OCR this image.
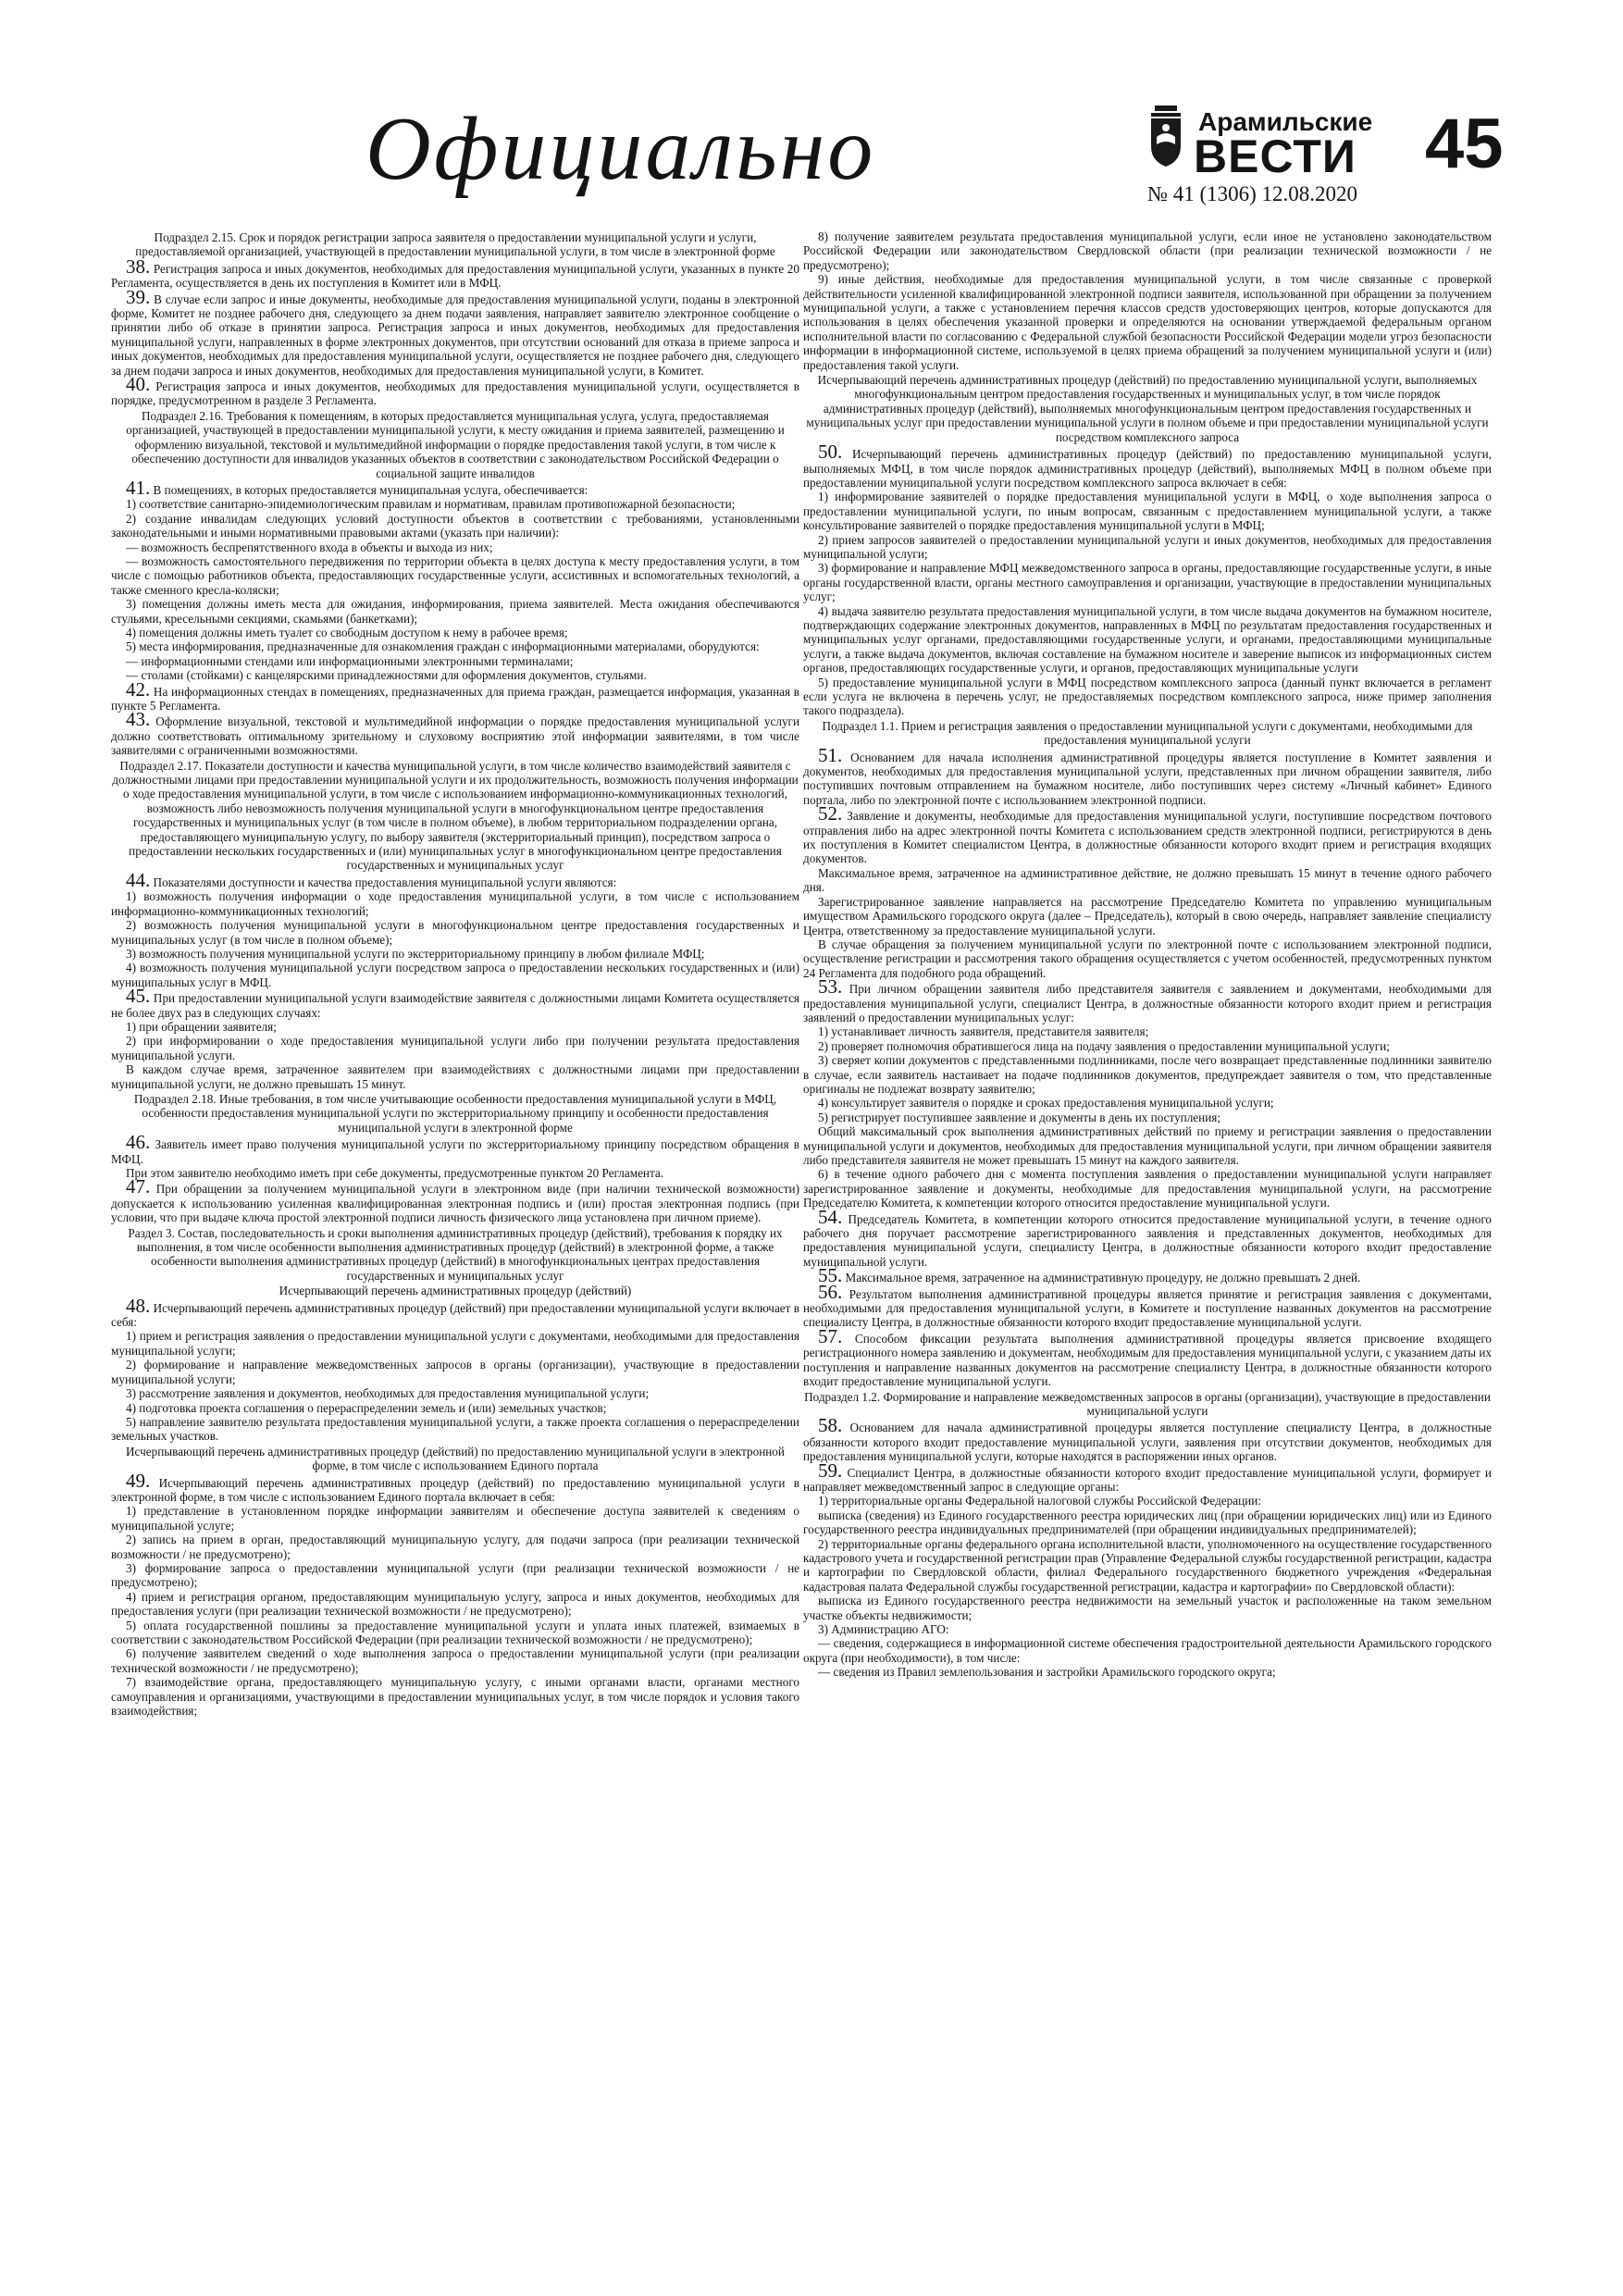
Официально	Арамильские
ВЕСТИ 45
№ 41 (1306) 12.08.2020

Подраздел 2.15. Срок и порядок регистрации запроса заявителя о предоставлении муниципальной услуги и услуги, предоставляемой организацией, участвующей в предоставлении муниципальной услуги, в том числе в электронной форме

38. Регистрация запроса и иных документов, необходимых для предоставления муниципальной услуги, указанных в пункте 20 Регламента, осуществляется в день их поступления в Комитет или в МФЦ.

39. В случае если запрос и иные документы, необходимые для предоставления муниципальной услуги, поданы в электронной форме, Комитет не позднее рабочего дня, следующего за днем подачи заявления, направляет заявителю электронное сообщение о принятии либо об отказе в принятии запроса. Регистрация запроса и иных документов, необходимых для предоставления муниципальной услуги, направленных в форме электронных документов, при отсутствии оснований для отказа в приеме запроса и иных документов, необходимых для предоставления муниципальной услуги, осуществляется не позднее рабочего дня, следующего за днем подачи запроса и иных документов, необходимых для предоставления муниципальной услуги, в Комитет.

40. Регистрация запроса и иных документов, необходимых для предоставления муниципальной услуги, осуществляется в порядке, предусмотренном в разделе 3 Регламента.

Подраздел 2.16. Требования к помещениям, в которых предоставляется муниципальная услуга, услуга, предоставляемая организацией, участвующей в предоставлении муниципальной услуги, к месту ожидания и приема заявителей, размещению и оформлению визуальной, текстовой и мультимедийной информации о порядке предоставления такой услуги, в том числе к обеспечению доступности для инвалидов указанных объектов в соответствии с законодательством Российской Федерации о социальной защите инвалидов

41. В помещениях, в которых предоставляется муниципальная услуга, обеспечивается:

1) соответствие санитарно-эпидемиологическим правилам и нормативам, правилам противопожарной безопасности;

2) создание инвалидам следующих условий доступности объектов в соответствии с требованиями, установленными законодательными и иными нормативными правовыми актами (указать при наличии):

— возможность беспрепятственного входа в объекты и выхода из них;

— возможность самостоятельного передвижения по территории объекта в целях доступа к месту предоставления услуги, в том числе с помощью работников объекта, предоставляющих государственные услуги, ассистивных и вспомогательных технологий, а также сменного кресла-коляски;

3) помещения должны иметь места для ожидания, информирования, приема заявителей. Места ожидания обеспечиваются стульями, кресельными секциями, скамьями (банкетками);

4) помещения должны иметь туалет со свободным доступом к нему в рабочее время;

5) места информирования, предназначенные для ознакомления граждан с информационными материалами, оборудуются:

— информационными стендами или информационными электронными терминалами;

— столами (стойками) с канцелярскими принадлежностями для оформления документов, стульями.

42. На информационных стендах в помещениях, предназначенных для приема граждан, размещается информация, указанная в пункте 5 Регламента.

43. Оформление визуальной, текстовой и мультимедийной информации о порядке предоставления муниципальной услуги должно соответствовать оптимальному зрительному и слуховому восприятию этой информации заявителями, в том числе заявителями с ограниченными возможностями.

Подраздел 2.17. Показатели доступности и качества муниципальной услуги, в том числе количество взаимодействий заявителя с должностными лицами при предоставлении муниципальной услуги и их продолжительность, возможность получения информации о ходе предоставления муниципальной услуги, в том числе с использованием информационно-коммуникационных технологий, возможность либо невозможность получения муниципальной услуги в многофункциональном центре предоставления государственных и муниципальных услуг (в том числе в полном объеме), в любом территориальном подразделении органа, предоставляющего муниципальную услугу, по выбору заявителя (экстерриториальный принцип), посредством запроса о предоставлении нескольких государственных и (или) муниципальных услуг в многофункциональном центре предоставления государственных и муниципальных услуг

44. Показателями доступности и качества предоставления муниципальной услуги являются:

1) возможность получения информации о ходе предоставления муниципальной услуги, в том числе с использованием информационно-коммуникационных технологий;

2) возможность получения муниципальной услуги в многофункциональном центре предоставления государственных и муниципальных услуг (в том числе в полном объеме);

3) возможность получения муниципальной услуги по экстерриториальному принципу в любом филиале МФЦ;

4) возможность получения муниципальной услуги посредством запроса о предоставлении нескольких государственных и (или) муниципальных услуг в МФЦ.

45. При предоставлении муниципальной услуги взаимодействие заявителя с должностными лицами Комитета осуществляется не более двух раз в следующих случаях:

1) при обращении заявителя;

2) при информировании о ходе предоставления муниципальной услуги либо при получении результата предоставления муниципальной услуги.

В каждом случае время, затраченное заявителем при взаимодействиях с должностными лицами при предоставлении муниципальной услуги, не должно превышать 15 минут.

Подраздел 2.18. Иные требования, в том числе учитывающие особенности предоставления муниципальной услуги в МФЦ, особенности предоставления муниципальной услуги по экстерриториальному принципу и особенности предоставления муниципальной услуги в электронной форме

46. Заявитель имеет право получения муниципальной услуги по экстерриториальному принципу посредством обращения в МФЦ.

При этом заявителю необходимо иметь при себе документы, предусмотренные пунктом 20 Регламента.

47. При обращении за получением муниципальной услуги в электронном виде (при наличии технической возможности) допускается к использованию усиленная квалифицированная электронная подпись и (или) простая электронная подпись (при условии, что при выдаче ключа простой электронной подписи личность физического лица установлена при личном приеме).

Раздел 3. Состав, последовательность и сроки выполнения административных процедур (действий), требования к порядку их выполнения, в том числе особенности выполнения административных процедур (действий) в электронной форме, а также особенности выполнения административных процедур (действий) в многофункциональных центрах предоставления государственных и муниципальных услуг

Исчерпывающий перечень административных процедур (действий)

48. Исчерпывающий перечень административных процедур (действий) при предоставлении муниципальной услуги включает в себя:

1) прием и регистрация заявления о предоставлении муниципальной услуги с документами, необходимыми для предоставления муниципальной услуги;

2) формирование и направление межведомственных запросов в органы (организации), участвующие в предоставлении муниципальной услуги;

3) рассмотрение заявления и документов, необходимых для предоставления муниципальной услуги;

4) подготовка проекта соглашения о перераспределении земель и (или) земельных участков;

5) направление заявителю результата предоставления муниципальной услуги, а также проекта соглашения о перераспределении земельных участков.

Исчерпывающий перечень административных процедур (действий) по предоставлению муниципальной услуги в электронной форме, в том числе с использованием Единого портала

49. Исчерпывающий перечень административных процедур (действий) по предоставлению муниципальной услуги в электронной форме, в том числе с использованием Единого портала включает в себя:

1) представление в установленном порядке информации заявителям и обеспечение доступа заявителей к сведениям о муниципальной услуге;

2) запись на прием в орган, предоставляющий муниципальную услугу, для подачи запроса (при реализации технической возможности / не предусмотрено);

3) формирование запроса о предоставлении муниципальной услуги (при реализации технической возможности / не предусмотрено);

4) прием и регистрация органом, предоставляющим муниципальную услугу, запроса и иных документов, необходимых для предоставления услуги (при реализации технической возможности / не предусмотрено);

5) оплата государственной пошлины за предоставление муниципальной услуги и уплата иных платежей, взимаемых в соответствии с законодательством Российской Федерации (при реализации технической возможности / не предусмотрено);

6) получение заявителем сведений о ходе выполнения запроса о предоставлении муниципальной услуги (при реализации технической возможности / не предусмотрено);

7) взаимодействие органа, предоставляющего муниципальную услугу, с иными органами власти, органами местного самоуправления и организациями, участвующими в предоставлении муниципальных услуг, в том числе порядок и условия такого взаимодействия;

8) получение заявителем результата предоставления муниципальной услуги, если иное не установлено законодательством Российской Федерации или законодательством Свердловской области (при реализации технической возможности / не предусмотрено);

9) иные действия, необходимые для предоставления муниципальной услуги, в том числе связанные с проверкой действительности усиленной квалифицированной электронной подписи заявителя, использованной при обращении за получением муниципальной услуги, а также с установлением перечня классов средств удостоверяющих центров, которые допускаются для использования в целях обеспечения указанной проверки и определяются на основании утверждаемой федеральным органом исполнительной власти по согласованию с Федеральной службой безопасности Российской Федерации модели угроз безопасности информации в информационной системе, используемой в целях приема обращений за получением муниципальной услуги и (или) предоставления такой услуги.

Исчерпывающий перечень административных процедур (действий) по предоставлению муниципальной услуги, выполняемых многофункциональным центром предоставления государственных и муниципальных услуг, в том числе порядок административных процедур (действий), выполняемых многофункциональным центром предоставления государственных и муниципальных услуг при предоставлении муниципальной услуги в полном объеме и при предоставлении муниципальной услуги посредством комплексного запроса

50. Исчерпывающий перечень административных процедур (действий) по предоставлению муниципальной услуги, выполняемых МФЦ, в том числе порядок административных процедур (действий), выполняемых МФЦ в полном объеме при предоставлении муниципальной услуги посредством комплексного запроса включает в себя:

1) информирование заявителей о порядке предоставления муниципальной услуги в МФЦ, о ходе выполнения запроса о предоставлении муниципальной услуги, по иным вопросам, связанным с предоставлением муниципальной услуги, а также консультирование заявителей о порядке предоставления муниципальной услуги в МФЦ;

2) прием запросов заявителей о предоставлении муниципальной услуги и иных документов, необходимых для предоставления муниципальной услуги;

3) формирование и направление МФЦ межведомственного запроса в органы, предоставляющие государственные услуги, в иные органы государственной власти, органы местного самоуправления и организации, участвующие в предоставлении муниципальных услуг;

4) выдача заявителю результата предоставления муниципальной услуги, в том числе выдача документов на бумажном носителе, подтверждающих содержание электронных документов, направленных в МФЦ по результатам предоставления государственных и муниципальных услуг органами, предоставляющими государственные услуги, и органами, предоставляющими муниципальные услуги, а также выдача документов, включая составление на бумажном носителе и заверение выписок из информационных систем органов, предоставляющих государственные услуги, и органов, предоставляющих муниципальные услуги

5) предоставление муниципальной услуги в МФЦ посредством комплексного запроса (данный пункт включается в регламент если услуга не включена в перечень услуг, не предоставляемых посредством комплексного запроса, ниже пример заполнения такого подраздела).

Подраздел 1.1. Прием и регистрация заявления о предоставлении муниципальной услуги с документами, необходимыми для предоставления муниципальной услуги

51. Основанием для начала исполнения административной процедуры является поступление в Комитет заявления и документов, необходимых для предоставления муниципальной услуги, представленных при личном обращении заявителя, либо поступивших почтовым отправлением на бумажном носителе, либо поступивших через систему «Личный кабинет» Единого портала, либо по электронной почте с использованием электронной подписи.

52. Заявление и документы, необходимые для предоставления муниципальной услуги, поступившие посредством почтового отправления либо на адрес электронной почты Комитета с использованием средств электронной подписи, регистрируются в день их поступления в Комитет специалистом Центра, в должностные обязанности которого входит прием и регистрация входящих документов.

Максимальное время, затраченное на административное действие, не должно превышать 15 минут в течение одного рабочего дня.

Зарегистрированное заявление направляется на рассмотрение Председателю Комитета по управлению муниципальным имуществом Арамильского городского округа (далее – Председатель), который в свою очередь, направляет заявление специалисту Центра, ответственному за предоставление муниципальной услуги.

В случае обращения за получением муниципальной услуги по электронной почте с использованием электронной подписи, осуществление регистрации и рассмотрения такого обращения осуществляется с учетом особенностей, предусмотренных пунктом 24 Регламента для подобного рода обращений.

53. При личном обращении заявителя либо представителя заявителя с заявлением и документами, необходимыми для предоставления муниципальной услуги, специалист Центра, в должностные обязанности которого входит прием и регистрация заявлений о предоставлении муниципальных услуг:

1) устанавливает личность заявителя, представителя заявителя;

2) проверяет полномочия обратившегося лица на подачу заявления о предоставлении муниципальной услуги;

3) сверяет копии документов с представленными подлинниками, после чего возвращает представленные подлинники заявителю в случае, если заявитель настаивает на подаче подлинников документов, предупреждает заявителя о том, что представленные оригиналы не подлежат возврату заявителю;

4) консультирует заявителя о порядке и сроках предоставления муниципальной услуги;

5) регистрирует поступившее заявление и документы в день их поступления;

Общий максимальный срок выполнения административных действий по приему и регистрации заявления о предоставлении муниципальной услуги и документов, необходимых для предоставления муниципальной услуги, при личном обращении заявителя либо представителя заявителя не может превышать 15 минут на каждого заявителя.

6) в течение одного рабочего дня с момента поступления заявления о предоставлении муниципальной услуги направляет зарегистрированное заявление и документы, необходимые для предоставления муниципальной услуги, на рассмотрение Председателю Комитета, к компетенции которого относится предоставление муниципальной услуги.

54. Председатель Комитета, в компетенции которого относится предоставление муниципальной услуги, в течение одного рабочего дня поручает рассмотрение зарегистрированного заявления и представленных документов, необходимых для предоставления муниципальной услуги, специалисту Центра, в должностные обязанности которого входит предоставление муниципальной услуги.

55. Максимальное время, затраченное на административную процедуру, не должно превышать 2 дней.

56. Результатом выполнения административной процедуры является принятие и регистрация заявления с документами, необходимыми для предоставления муниципальной услуги, в Комитете и поступление названных документов на рассмотрение специалисту Центра, в должностные обязанности которого входит предоставление муниципальной услуги.

57. Способом фиксации результата выполнения административной процедуры является присвоение входящего регистрационного номера заявлению и документам, необходимым для предоставления муниципальной услуги, с указанием даты их поступления и направление названных документов на рассмотрение специалисту Центра, в должностные обязанности которого входит предоставление муниципальной услуги.

Подраздел 1.2. Формирование и направление межведомственных запросов в органы (организации), участвующие в предоставлении муниципальной услуги

58. Основанием для начала административной процедуры является поступление специалисту Центра, в должностные обязанности которого входит предоставление муниципальной услуги, заявления при отсутствии документов, необходимых для предоставления муниципальной услуги, которые находятся в распоряжении иных органов.

59. Специалист Центра, в должностные обязанности которого входит предоставление муниципальной услуги, формирует и направляет межведомственный запрос в следующие органы:

1) территориальные органы Федеральной налоговой службы Российской Федерации:

выписка (сведения) из Единого государственного реестра юридических лиц (при обращении юридических лиц) или из Единого государственного реестра индивидуальных предпринимателей (при обращении индивидуальных предпринимателей);

2) территориальные органы федерального органа исполнительной власти, уполномоченного на осуществление государственного кадастрового учета и государственной регистрации прав (Управление Федеральной службы государственной регистрации, кадастра и картографии по Свердловской области, филиал Федерального государственного бюджетного учреждения «Федеральная кадастровая палата Федеральной службы государственной регистрации, кадастра и картографии» по Свердловской области):

выписка из Единого государственного реестра недвижимости на земельный участок и расположенные на таком земельном участке объекты недвижимости;

3) Администрацию АГО:

— сведения, содержащиеся в информационной системе обеспечения градостроительной деятельности Арамильского городского округа (при необходимости), в том числе:

— сведения из Правил землепользования и застройки Арамильского городского округа;
